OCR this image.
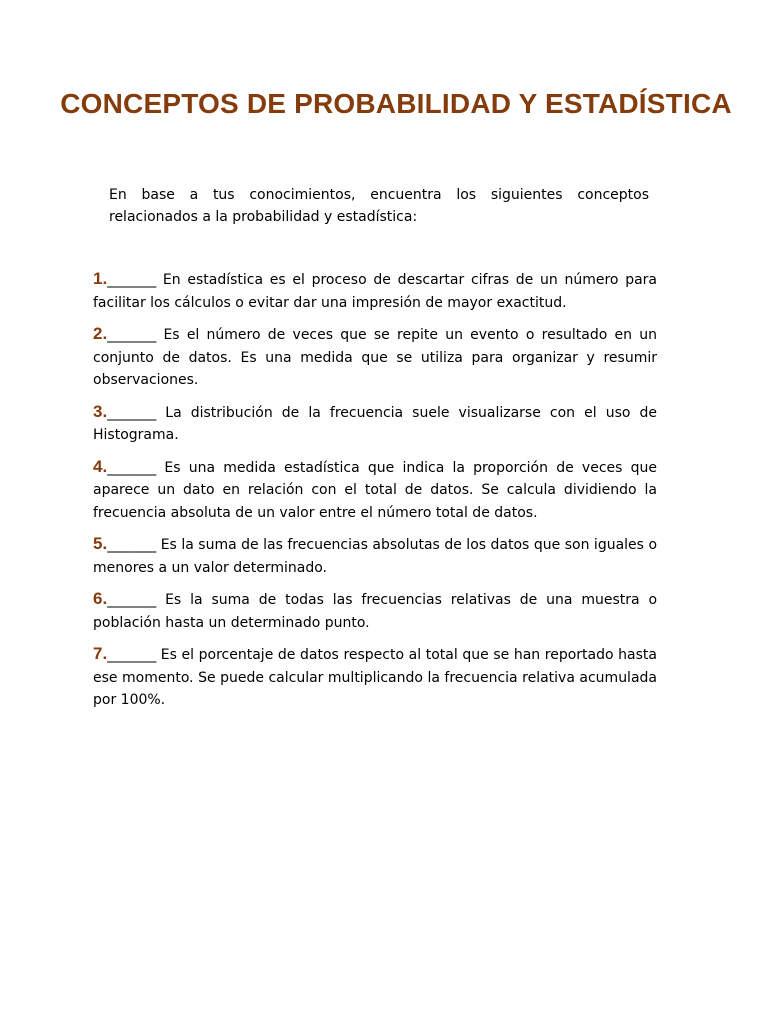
CONCEPTOS DE PROBABILIDAD Y ESTADÍSTICA

En base a tus conocimientos, encuentra los siguientes conceptos relacionados a la probabilidad y estadística:

1._______ En estadística es el proceso de descartar cifras de un número para facilitar los cálculos o evitar dar una impresión de mayor exactitud.
2._______ Es el número de veces que se repite un evento o resultado en un conjunto de datos. Es una medida que se utiliza para organizar y resumir observaciones.
3._______ La distribución de la frecuencia suele visualizarse con el uso de Histograma.
4._______ Es una medida estadística que indica la proporción de veces que aparece un dato en relación con el total de datos. Se calcula dividiendo la frecuencia absoluta de un valor entre el número total de datos.
5._______ Es la suma de las frecuencias absolutas de los datos que son iguales o menores a un valor determinado.
6._______ Es la suma de todas las frecuencias relativas de una muestra o población hasta un determinado punto.
7._______ Es el porcentaje de datos respecto al total que se han reportado hasta ese momento. Se puede calcular multiplicando la frecuencia relativa acumulada por 100%.
